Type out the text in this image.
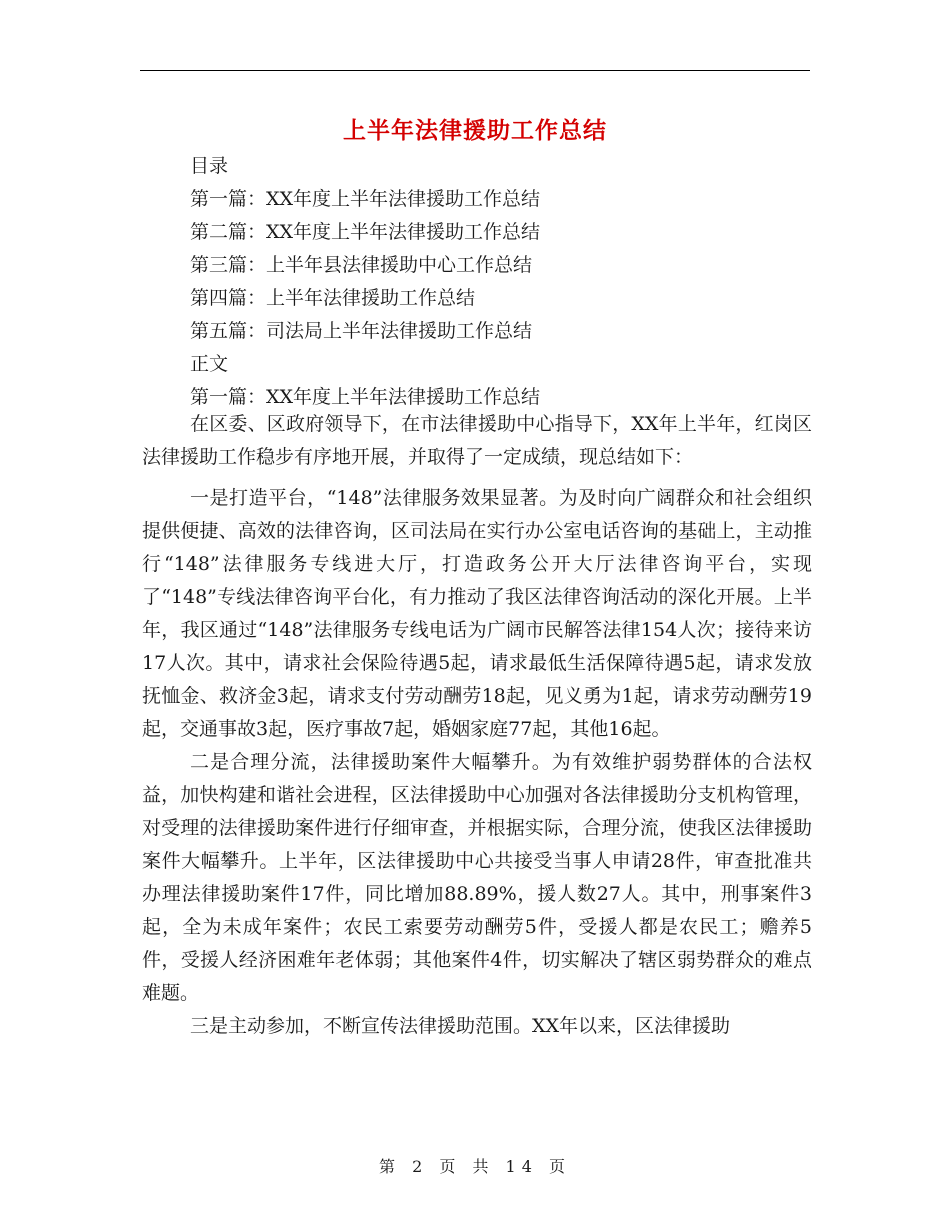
上半年法律援助工作总结
目录
第一篇：XX年度上半年法律援助工作总结
第二篇：XX年度上半年法律援助工作总结
第三篇：上半年县法律援助中心工作总结
第四篇：上半年法律援助工作总结
第五篇：司法局上半年法律援助工作总结
正文
第一篇：XX年度上半年法律援助工作总结

在区委、区政府领导下，在市法律援助中心指导下，XX年上半年，红岗区法律援助工作稳步有序地开展，并取得了一定成绩，现总结如下：

一是打造平台，“148”法律服务效果显著。为及时向广阔群众和社会组织提供便捷、高效的法律咨询，区司法局在实行办公室电话咨询的基础上，主动推行“148”法律服务专线进大厅，打造政务公开大厅法律咨询平台，实现了“148”专线法律咨询平台化，有力推动了我区法律咨询活动的深化开展。上半年，我区通过“148”法律服务专线电话为广阔市民解答法律154人次；接待来访17人次。其中，请求社会保险待遇5起，请求最低生活保障待遇5起，请求发放抚恤金、救济金3起，请求支付劳动酬劳18起，见义勇为1起，请求劳动酬劳19起，交通事故3起，医疗事故7起，婚姻家庭77起，其他16起。

二是合理分流，法律援助案件大幅攀升。为有效维护弱势群体的合法权益，加快构建和谐社会进程，区法律援助中心加强对各法律援助分支机构管理，对受理的法律援助案件进行仔细审查，并根据实际，合理分流，使我区法律援助案件大幅攀升。上半年，区法律援助中心共接受当事人申请28件，审查批准共办理法律援助案件17件，同比增加88.89%，援人数27人。其中，刑事案件3起，全为未成年案件；农民工索要劳动酬劳5件，受援人都是农民工；赡养5件，受援人经济困难年老体弱；其他案件4件，切实解决了辖区弱势群众的难点难题。

三是主动参加，不断宣传法律援助范围。XX年以来，区法律援助

第 2 页 共 14 页
